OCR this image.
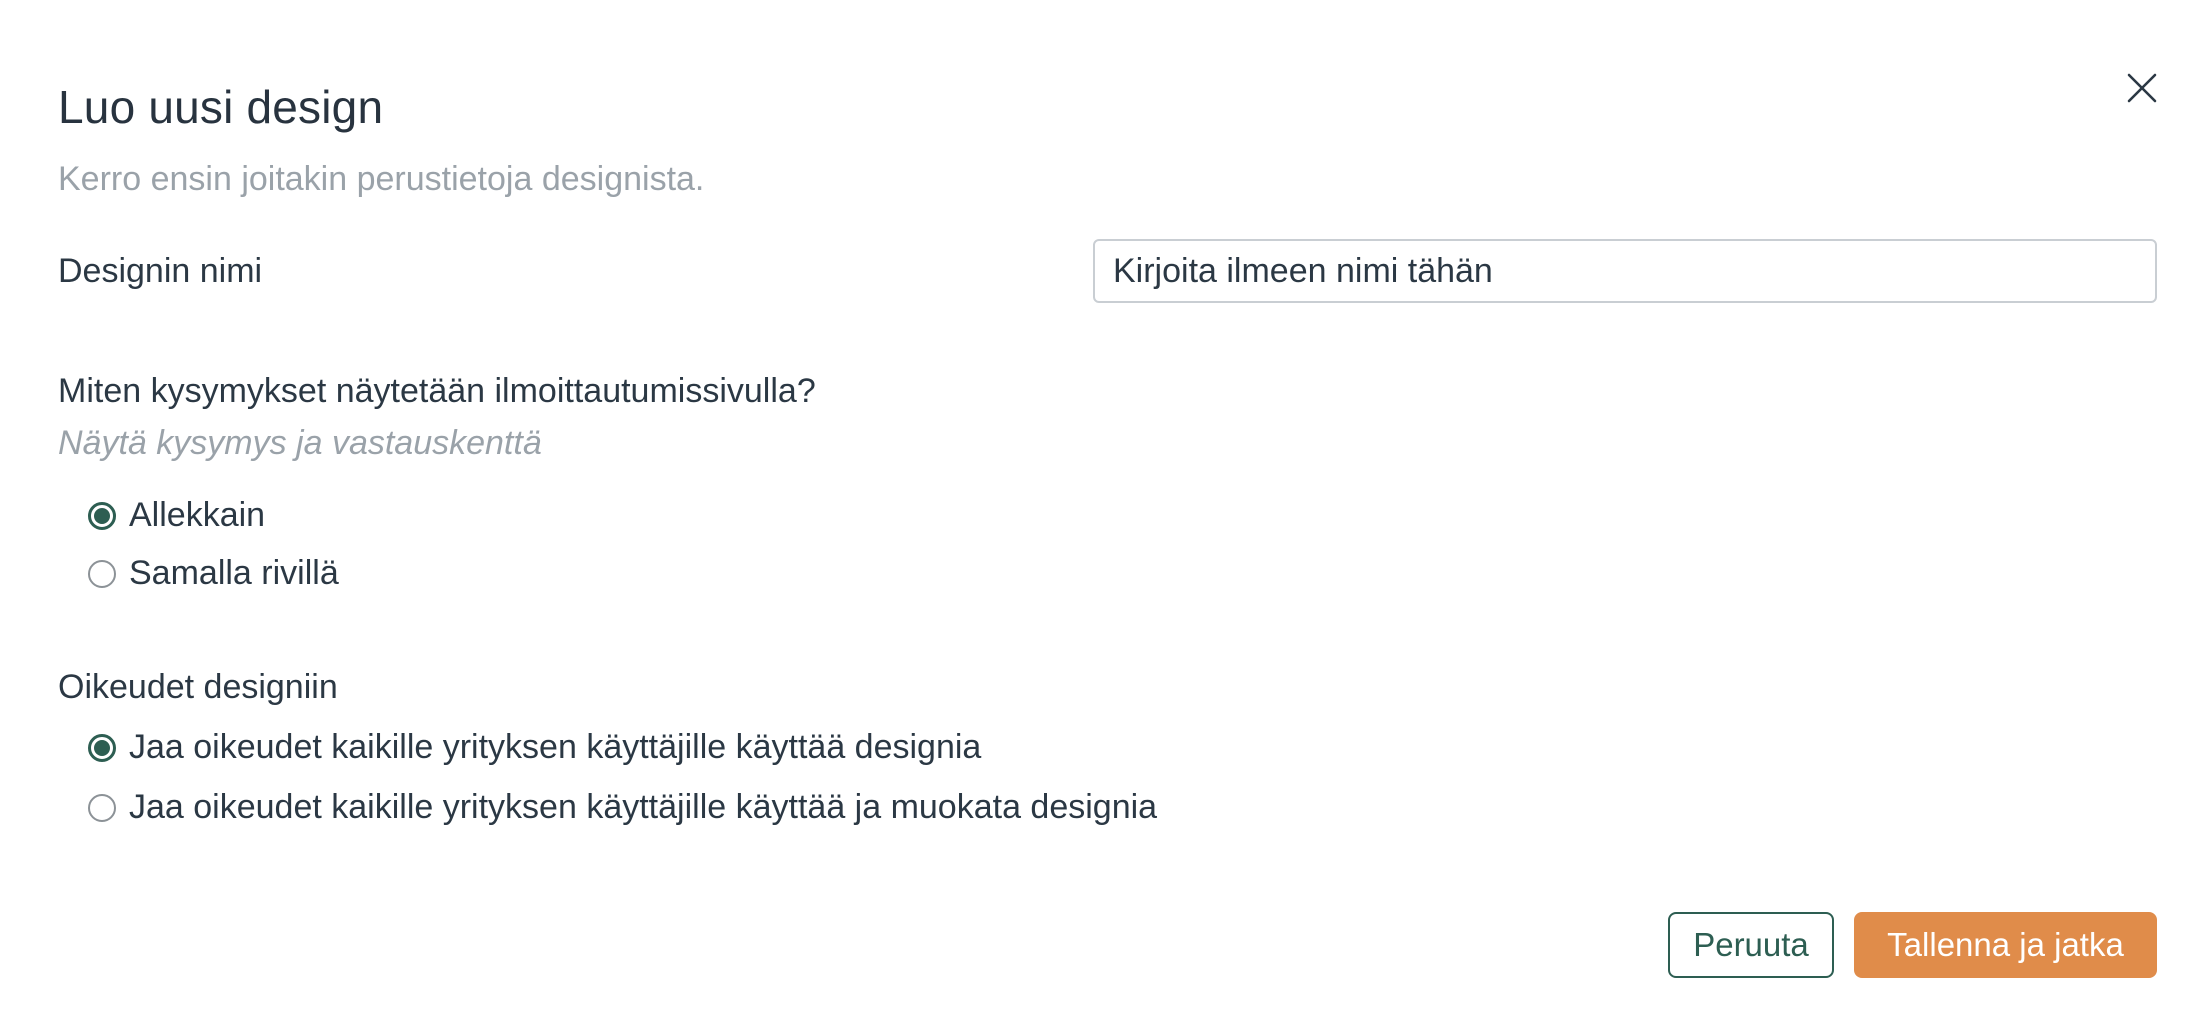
Luo uusi design

Kerro ensin joitakin perustietoja designista.

Designin nimi
Kirjoita ilmeen nimi tähän
Miten kysymykset näytetään ilmoittautumissivulla?
Näytä kysymys ja vastauskenttä
Allekkain
Samalla rivillä
Oikeudet designiin
Jaa oikeudet kaikille yrityksen käyttäjille käyttää designia
Jaa oikeudet kaikille yrityksen käyttäjille käyttää ja muokata designia
Peruuta	Tallenna ja jatka
